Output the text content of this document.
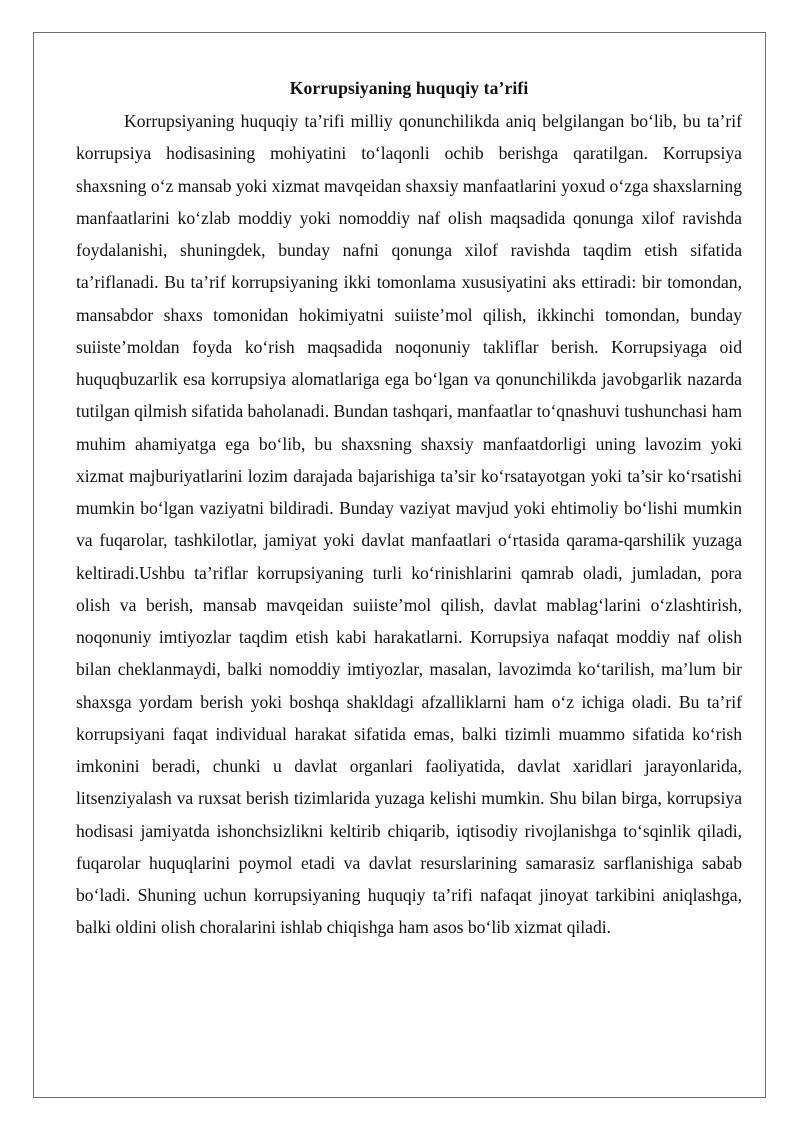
Korrupsiyaning huquqiy ta’rifi

Korrupsiyaning huquqiy ta’rifi milliy qonunchilikda aniq belgilangan bo‘lib, bu ta’rif korrupsiya hodisasining mohiyatini to‘laqonli ochib berishga qaratilgan. Korrupsiya shaxsning o‘z mansab yoki xizmat mavqeidan shaxsiy manfaatlarini yoxud o‘zga shaxslarning manfaatlarini ko‘zlab moddiy yoki nomoddiy naf olish maqsadida qonunga xilof ravishda foydalanishi, shuningdek, bunday nafni qonunga xilof ravishda taqdim etish sifatida ta’riflanadi. Bu ta’rif korrupsiyaning ikki tomonlama xususiyatini aks ettiradi: bir tomondan, mansabdor shaxs tomonidan hokimiyatni suiiste’mol qilish, ikkinchi tomondan, bunday suiiste’moldan foyda ko‘rish maqsadida noqonuniy takliflar berish. Korrupsiyaga oid huquqbuzarlik esa korrupsiya alomatlariga ega bo‘lgan va qonunchilikda javobgarlik nazarda tutilgan qilmish sifatida baholanadi. Bundan tashqari, manfaatlar to‘qnashuvi tushunchasi ham muhim ahamiyatga ega bo‘lib, bu shaxsning shaxsiy manfaatdorligi uning lavozim yoki xizmat majburiyatlarini lozim darajada bajarishiga ta’sir ko‘rsatayotgan yoki ta’sir ko‘rsatishi mumkin bo‘lgan vaziyatni bildiradi. Bunday vaziyat mavjud yoki ehtimoliy bo‘lishi mumkin va fuqarolar, tashkilotlar, jamiyat yoki davlat manfaatlari o‘rtasida qarama-qarshilik yuzaga keltiradi.Ushbu ta’riflar korrupsiyaning turli ko‘rinishlarini qamrab oladi, jumladan, pora olish va berish, mansab mavqeidan suiiste’mol qilish, davlat mablag‘larini o‘zlashtirish, noqonuniy imtiyozlar taqdim etish kabi harakatlarni. Korrupsiya nafaqat moddiy naf olish bilan cheklanmaydi, balki nomoddiy imtiyozlar, masalan, lavozimda ko‘tarilish, ma’lum bir shaxsga yordam berish yoki boshqa shakldagi afzalliklarni ham o‘z ichiga oladi. Bu ta’rif korrupsiyani faqat individual harakat sifatida emas, balki tizimli muammo sifatida ko‘rish imkonini beradi, chunki u davlat organlari faoliyatida, davlat xaridlari jarayonlarida, litsenziyalash va ruxsat berish tizimlarida yuzaga kelishi mumkin. Shu bilan birga, korrupsiya hodisasi jamiyatda ishonchsizlikni keltirib chiqarib, iqtisodiy rivojlanishga to‘sqinlik qiladi, fuqarolar huquqlarini poymol etadi va davlat resurslarining samarasiz sarflanishiga sabab bo‘ladi. Shuning uchun korrupsiyaning huquqiy ta’rifi nafaqat jinoyat tarkibini aniqlashga, balki oldini olish choralarini ishlab chiqishga ham asos bo‘lib xizmat qiladi.
